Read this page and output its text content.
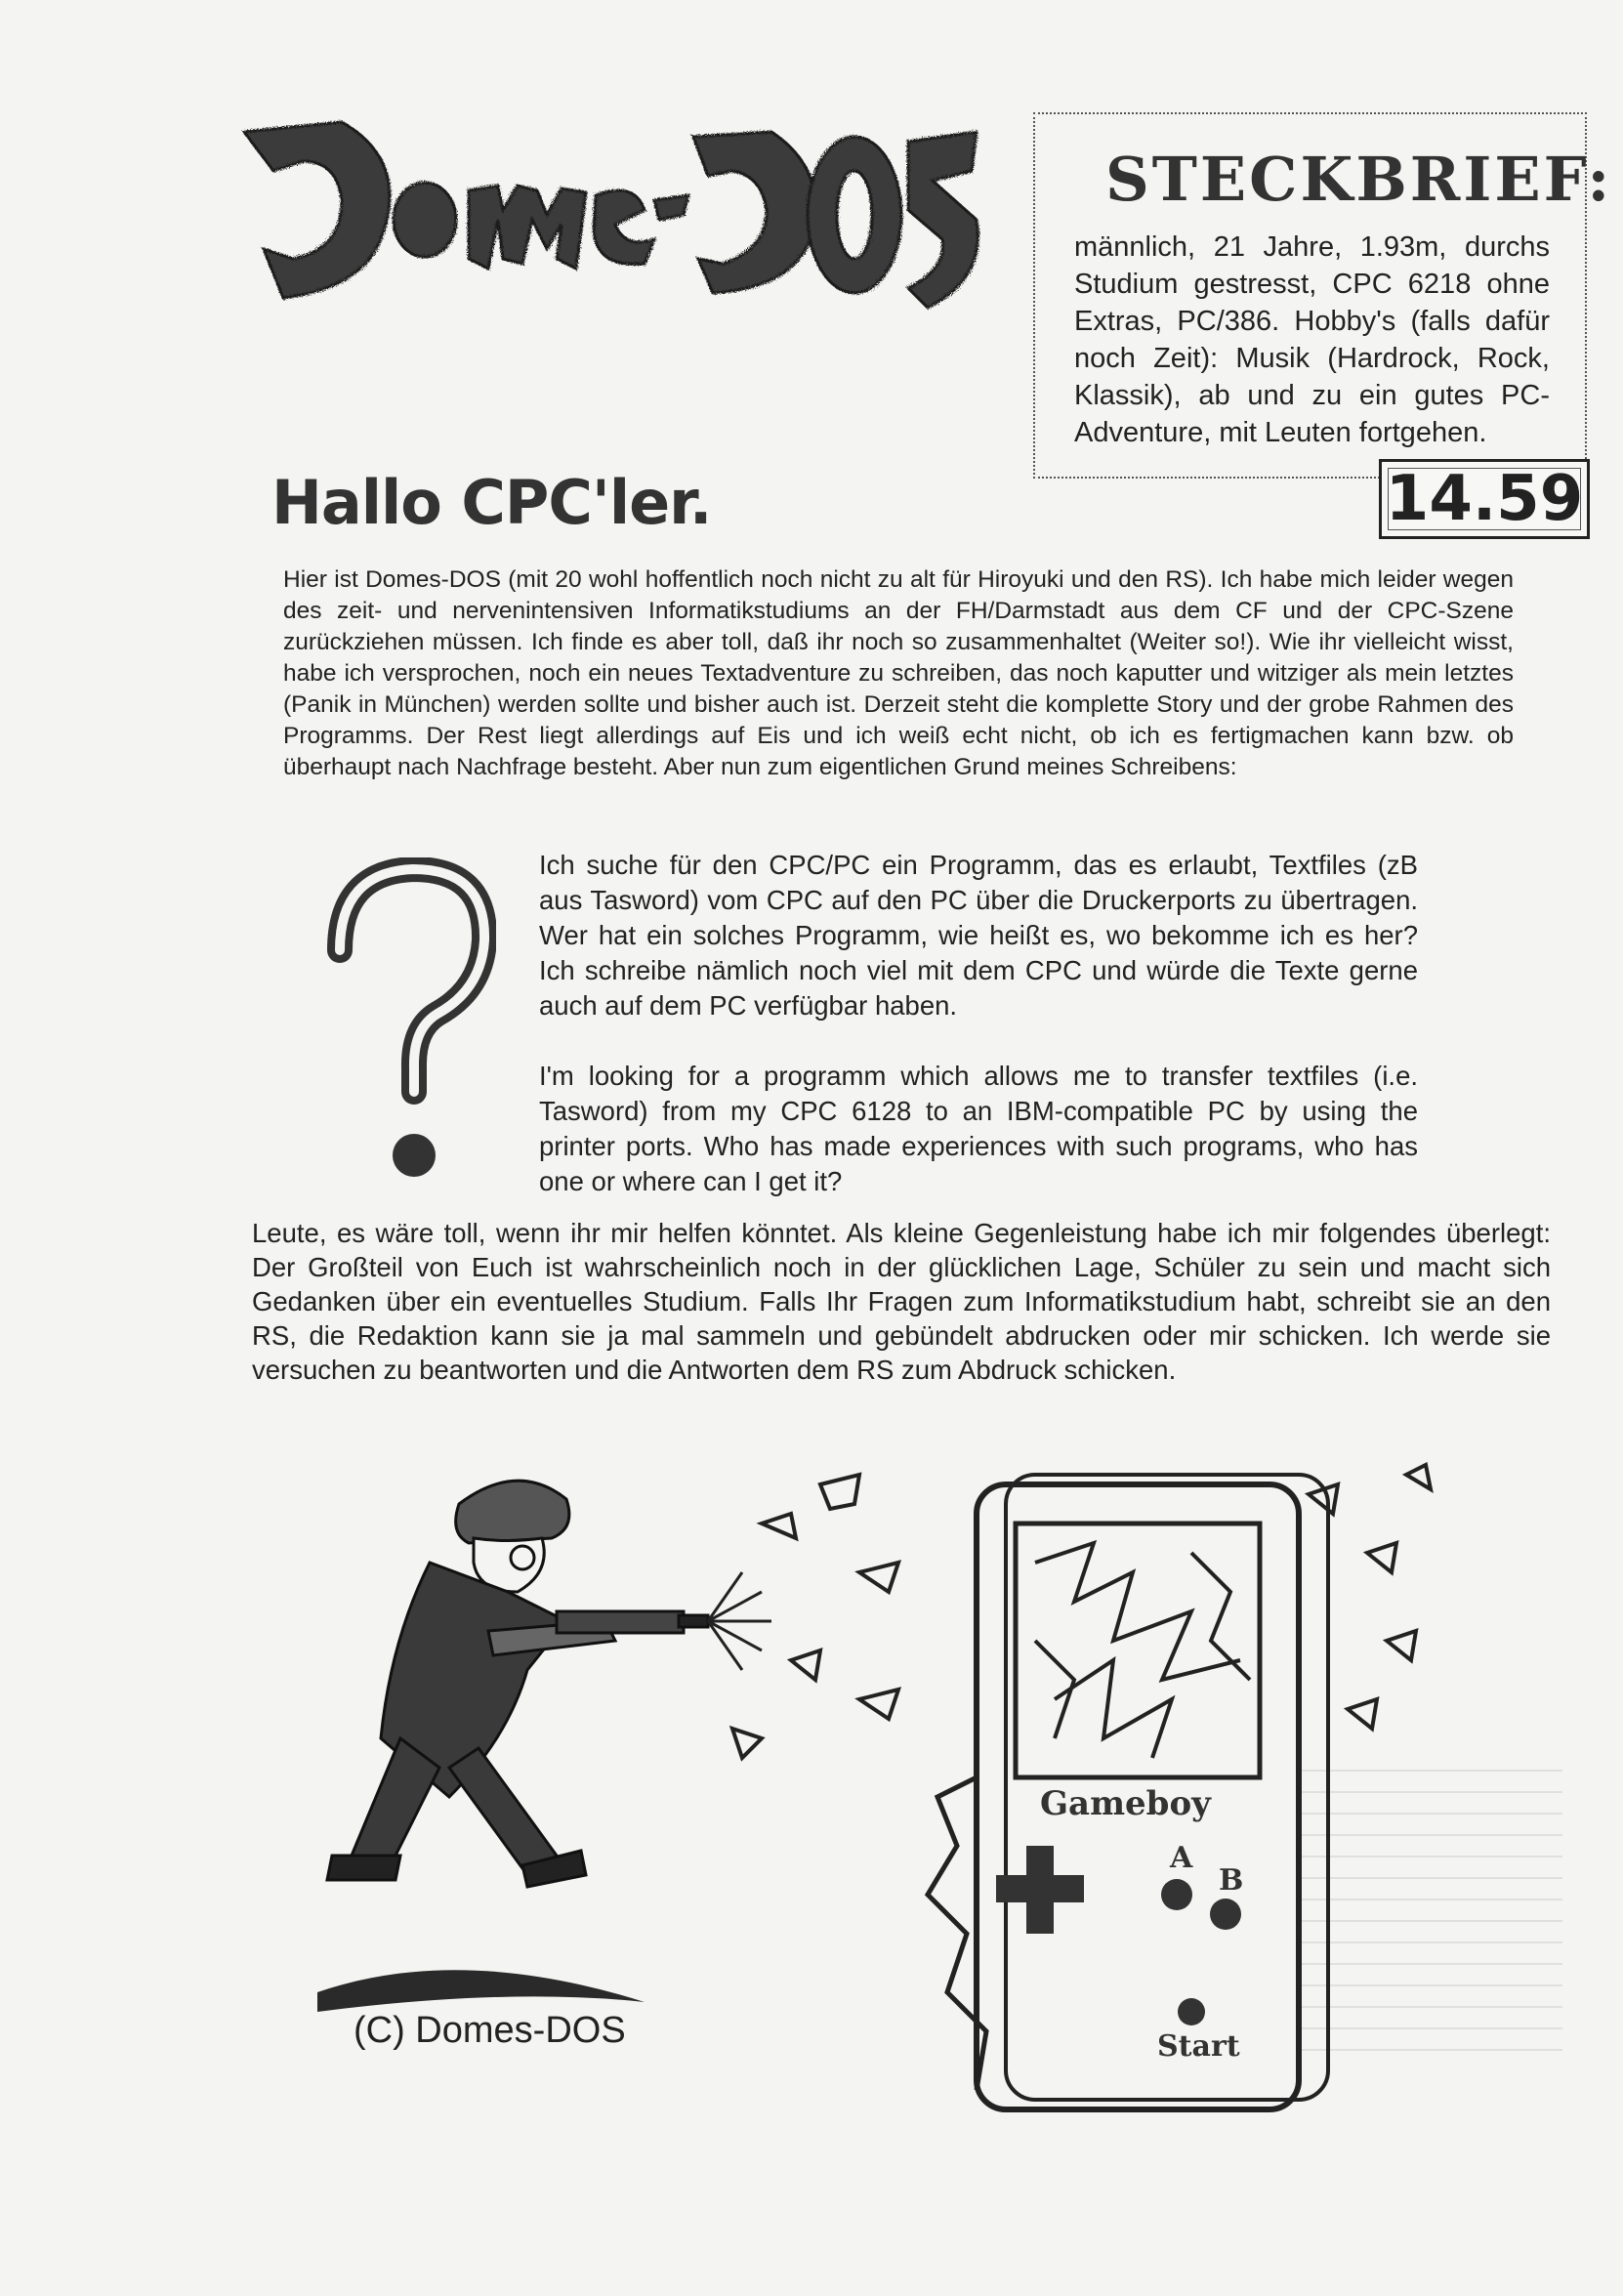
STECKBRIEF:
männlich, 21 Jahre, 1.93m, durchs Studium gestresst, CPC 6218 ohne Extras, PC/386. Hobby's (falls dafür noch Zeit): Musik (Hardrock, Rock, Klassik), ab und zu ein gutes PC-Adventure, mit Leuten fortgehen.
14.59
Hallo CPC'ler.
Hier ist Domes-DOS (mit 20 wohl hoffentlich noch nicht zu alt für Hiroyuki und den RS). Ich habe mich leider wegen des zeit- und nervenintensiven Informatikstudiums an der FH/Darmstadt aus dem CF und der CPC-Szene zurückziehen müssen. Ich finde es aber toll, daß ihr noch so zusammenhaltet (Weiter so!). Wie ihr vielleicht wisst, habe ich versprochen, noch ein neues Textadventure zu schreiben, das noch kaputter und witziger als mein letztes (Panik in München) werden sollte und bisher auch ist. Derzeit steht die komplette Story und der grobe Rahmen des Programms. Der Rest liegt allerdings auf Eis und ich weiß echt nicht, ob ich es fertigmachen kann bzw. ob überhaupt nach Nachfrage besteht. Aber nun zum eigentlichen Grund meines Schreibens:

Ich suche für den CPC/PC ein Programm, das es erlaubt, Textfiles (zB aus Tasword) vom CPC auf den PC über die Druckerports zu übertragen. Wer hat ein solches Programm, wie heißt es, wo bekomme ich es her? Ich schreibe nämlich noch viel mit dem CPC und würde die Texte gerne auch auf dem PC verfügbar haben.

I'm looking for a programm which allows me to transfer textfiles (i.e. Tasword) from my CPC 6128 to an IBM-compatible PC by using the printer ports. Who has made experiences with such programs, who has one or where can I get it?

Leute, es wäre toll, wenn ihr mir helfen könntet. Als kleine Gegenleistung habe ich mir folgendes überlegt: Der Großteil von Euch ist wahrscheinlich noch in der glücklichen Lage, Schüler zu sein und macht sich Gedanken über ein eventuelles Studium. Falls Ihr Fragen zum Informatikstudium habt, schreibt sie an den RS, die Redaktion kann sie ja mal sammeln und gebündelt abdrucken oder mir schicken. Ich werde sie versuchen zu beantworten und die Antworten dem RS zum Abdruck schicken.
Gameboy
A
B
Start
(C) Domes-DOS
